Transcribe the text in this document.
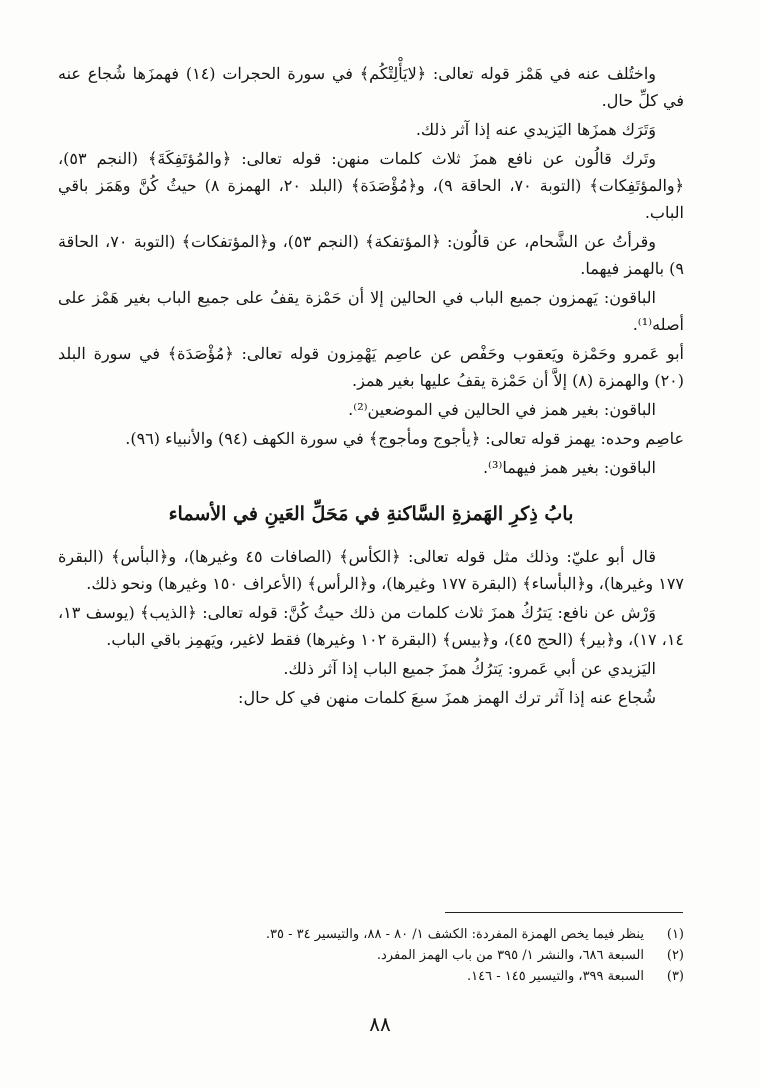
واختُلف عنه في هَمْز قوله تعالى: ﴿لايَأْلِتْكُم﴾ في سورة الحجرات (١٤) فهمزَها شُجاع عنه في كلِّ حال.

وَتَرَك همزَها اليَزيدي عنه إذا آثر ذلك.

وتَرك قالُون عن نافع همزَ ثلاث كلمات منهن: قوله تعالى: ﴿والمُؤتَفِكَةَ﴾ (النجم ٥٣)، ﴿والمؤتَفِكات﴾ (التوبة ٧٠، الحاقة ٩)، و﴿مُؤْصَدَة﴾ (البلد ٢٠، الهمزة ٨) حيثُ كُنَّ وهَمَز باقي الباب.

وقرأتُ عن الشَّحام، عن قالُون: ﴿المؤتفكة﴾ (النجم ٥٣)، و﴿المؤتفكات﴾ (التوبة ٧٠، الحاقة ٩) بالهمز فيهما.

الباقون: يَهمزون جميع الباب في الحالين إلا أن حَمْزة يقفُ على جميع الباب بغير هَمْز على أصله⁽¹⁾.

أبو عَمرو وحَمْزة ويَعقوب وحَفْص عن عاصِم يَهْمِزون قوله تعالى: ﴿مُؤْصَدَة﴾ في سورة البلد (٢٠) والهمزة (٨) إلاَّ أن حَمْزة يقفُ عليها بغير همز.

الباقون: بغير همز في الحالين في الموضعين⁽²⁾.

عاصِم وحده: يهمز قوله تعالى: ﴿يأجوج ومأجوج﴾ في سورة الكهف (٩٤) والأنبياء (٩٦).

الباقون: بغير همز فيهما⁽³⁾.

بابُ ذِكرِ الهَمزةِ السَّاكنةِ في مَحَلِّ العَينِ في الأسماء

قال أبو عليّ: وذلك مثل قوله تعالى: ﴿الكأس﴾ (الصافات ٤٥ وغيرها)، و﴿البأس﴾ (البقرة ١٧٧ وغيرها)، و﴿البأساء﴾ (البقرة ١٧٧ وغيرها)، و﴿الرأس﴾ (الأعراف ١٥٠ وغيرها) ونحو ذلك.

وَرْش عن نافع: يَترُكُ همزَ ثلاث كلمات من ذلك حيثُ كُنَّ: قوله تعالى: ﴿الذيب﴾ (يوسف ١٣، ١٤، ١٧)، و﴿بير﴾ (الحج ٤٥)، و﴿بيس﴾ (البقرة ١٠٢ وغيرها) فقط لاغير، ويَهمِز باقي الباب.

اليَزيدي عن أبي عَمرو: يَترُكُ همزَ جميع الباب إذا آثر ذلك.

شُجاع عنه إذا آثر ترك الهمز همزَ سبعَ كلمات منهن في كل حال:

(١)
ينظر فيما يخص الهمزة المفردة: الكشف ١/ ٨٠ - ٨٨، والتيسير ٣٤ - ٣٥.
(٢)
السبعة ٦٨٦، والنشر ١/ ٣٩٥ من باب الهمز المفرد.
(٣)
السبعة ٣٩٩، والتيسير ١٤٥ - ١٤٦.
٨٨
